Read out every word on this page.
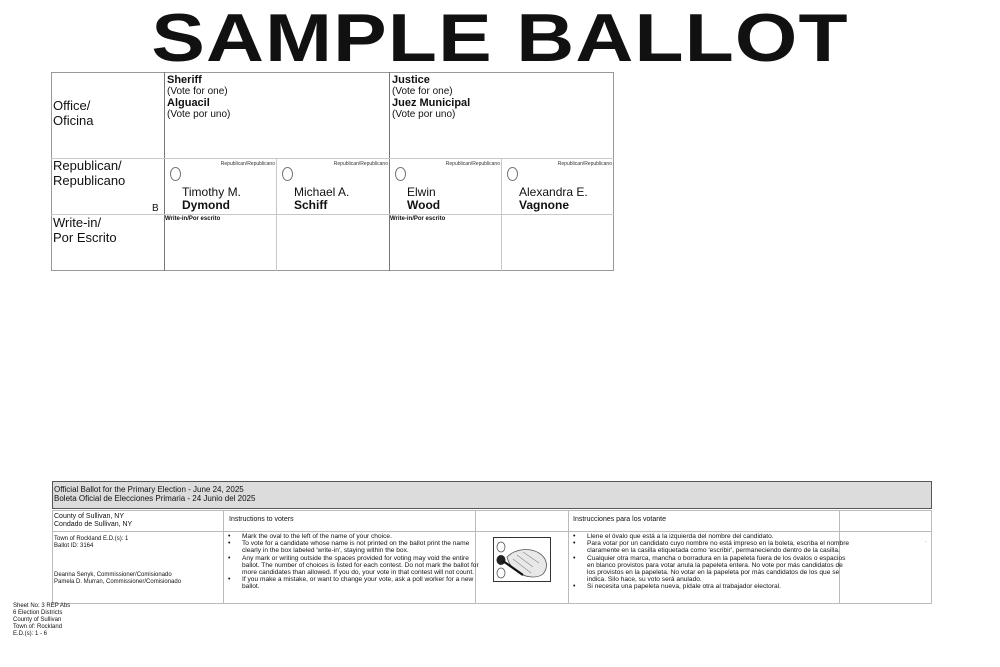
SAMPLE BALLOT
Office/
Oficina
Republican/
Republicano
B
Write-in/
Por Escrito
Sheriff
(Vote for one)
Alguacil
(Vote por uno)
Justice
(Vote for one)
Juez Municipal
(Vote por uno)
Republican/Republicano
Timothy M.
Dymond
Republican/Republicano
Michael A.
Schiff
Republican/Republicano
Elwin
Wood
Republican/Republicano
Alexandra E.
Vagnone
Write-in/Por escrito	Write-in/Por escrito
Official Ballot for the Primary Election - June 24, 2025
Boleta Oficial de Elecciones Primaria - 24 Junio del 2025
County of Sullivan, NY
Condado de Sullivan, NY
Instructions to voters	Instrucciones para los votante
Town of Rockland E.D.(s): 1
Ballot ID: 3164
Deanna Senyk, Commissioner/Comisionado
Pamela D. Murran, Commissioner/Comisionado
• Mark the oval to the left of the name of your choice.
• To vote for a candidate whose name is not printed on the ballot print the name clearly in the box labeled 'write-in', staying within the box.
• Any mark or writing outside the spaces provided for voting may void the entire ballot. The number of choices is listed for each contest. Do not mark the ballot for more candidates than allowed. If you do, your vote in that contest will not count.
• If you make a mistake, or want to change your vote, ask a poll worker for a new ballot.
• Llene el óvalo que está a la izquierda del nombre del candidato.
• Para votar por un candidato cuyo nombre no está impreso en la boleta, escriba el nombre claramente en la casilla etiquetada como 'escribir', permaneciendo dentro de la casilla.
• Cualquier otra marca, mancha o borradura en la papeleta fuera de los óvalos o espacios en blanco provistos para votar anula la papeleta entera. No vote por más candidatos de los provistos en la papeleta. No votar en la papeleta por más candidatos de los que se indica. Silo hace, su voto será anulado.
• Si necesita una papeleta nueva, pídale otra al trabajador electoral.
.
Sheet No: 3 REP Abs
6 Election Districts
County of Sullivan
Town of: Rockland
E.D.(s): 1 - 6
